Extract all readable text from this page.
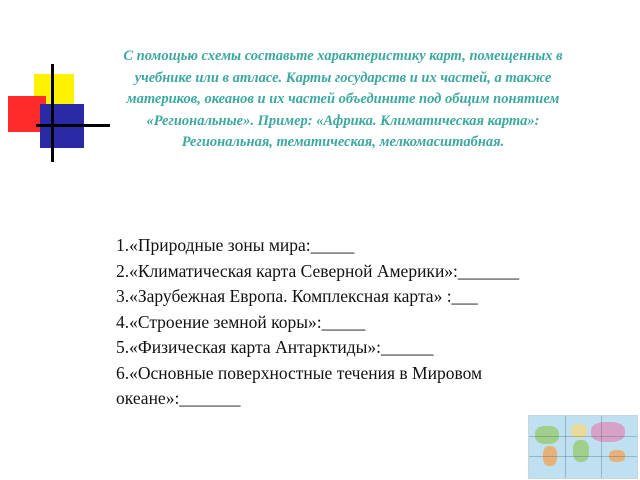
С помощью схемы составьте характеристику карт, помещенных в учебнике или в атласе. Карты государств и их частей, а также материков, океанов и их частей объедините под общим понятием «Региональные». Пример: «Африка. Климатическая карта»: Региональная, тематическая, мелкомасштабная.

1.«Природные зоны мира:_____
2.«Климатическая карта Северной Америки»:_______
3.«Зарубежная Европа. Комплексная карта» :___
4.«Строение земной коры»:_____
5.«Физическая карта Антарктиды»:______
6.«Основные поверхностные течения в Мировом океане»:_______
